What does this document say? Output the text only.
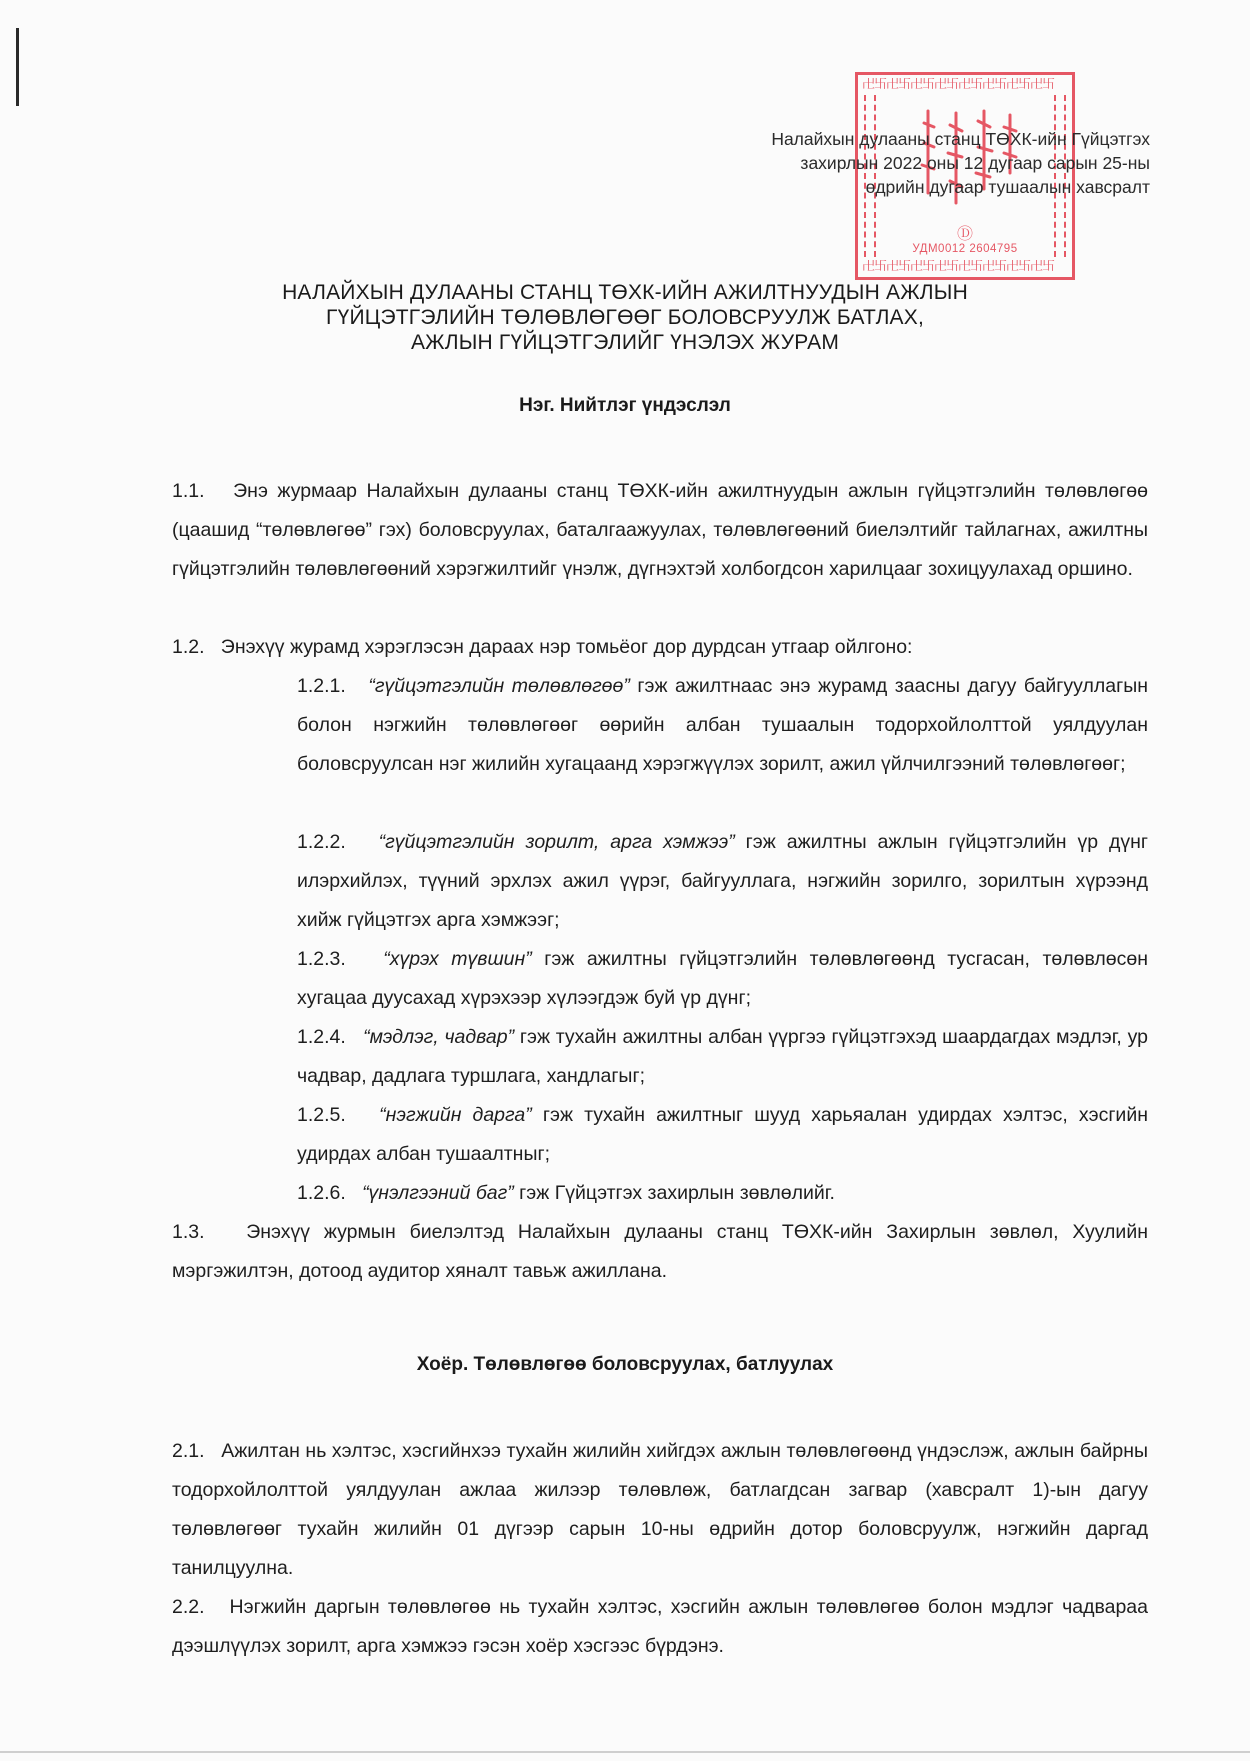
卍卐卍卐卍卐卍卐卍卐卍卐卍卐卍卐
Ⓓ
УДМ0012 2604795
卍卐卍卐卍卐卍卐卍卐卍卐卍卐卍卐
Налайхын дулааны станц ТӨХК-ийн Гүйцэтгэх
захирлын 2022 оны 12 дугаар сарын 25-ны
өдрийн дугаар тушаалын хавсралт
НАЛАЙХЫН ДУЛААНЫ СТАНЦ ТӨХК-ИЙН АЖИЛТНУУДЫН АЖЛЫН
ГҮЙЦЭТГЭЛИЙН ТӨЛӨВЛӨГӨӨГ БОЛОВСРУУЛЖ БАТЛАХ,
АЖЛЫН ГҮЙЦЭТГЭЛИЙГ ҮНЭЛЭХ ЖУРАМ
Нэг. Нийтлэг үндэслэл
1.1. Энэ журмаар Налайхын дулааны станц ТӨХК-ийн ажилтнуудын ажлын гүйцэтгэлийн төлөвлөгөө (цаашид “төлөвлөгөө” гэх) боловсруулах, баталгаажуулах, төлөвлөгөөний биелэлтийг тайлагнах, ажилтны гүйцэтгэлийн төлөвлөгөөний хэрэгжилтийг үнэлж, дүгнэхтэй холбогдсон харилцааг зохицуулахад оршино.
1.2. Энэхүү журамд хэрэглэсэн дараах нэр томьёог дор дурдсан утгаар ойлгоно:
1.2.1. “гүйцэтгэлийн төлөвлөгөө” гэж ажилтнаас энэ журамд заасны дагуу байгууллагын болон нэгжийн төлөвлөгөөг өөрийн албан тушаалын тодорхойлолттой уялдуулан боловсруулсан нэг жилийн хугацаанд хэрэгжүүлэх зорилт, ажил үйлчилгээний төлөвлөгөөг;
1.2.2. “гүйцэтгэлийн зорилт, арга хэмжээ” гэж ажилтны ажлын гүйцэтгэлийн үр дүнг илэрхийлэх, түүний эрхлэх ажил үүрэг, байгууллага, нэгжийн зорилго, зорилтын хүрээнд хийж гүйцэтгэх арга хэмжээг;
1.2.3. “хүрэх түвшин” гэж ажилтны гүйцэтгэлийн төлөвлөгөөнд тусгасан, төлөвлөсөн хугацаа дуусахад хүрэхээр хүлээгдэж буй үр дүнг;
1.2.4. “мэдлэг, чадвар” гэж тухайн ажилтны албан үүргээ гүйцэтгэхэд шаардагдах мэдлэг, ур чадвар, дадлага туршлага, хандлагыг;
1.2.5. “нэгжийн дарга” гэж тухайн ажилтныг шууд харьяалан удирдах хэлтэс, хэсгийн удирдах албан тушаалтныг;
1.2.6. “үнэлгээний баг” гэж Гүйцэтгэх захирлын зөвлөлийг.
1.3. Энэхүү журмын биелэлтэд Налайхын дулааны станц ТӨХК-ийн Захирлын зөвлөл, Хуулийн мэргэжилтэн, дотоод аудитор хяналт тавьж ажиллана.
Хоёр. Төлөвлөгөө боловсруулах, батлуулах
2.1. Ажилтан нь хэлтэс, хэсгийнхээ тухайн жилийн хийгдэх ажлын төлөвлөгөөнд үндэслэж, ажлын байрны тодорхойлолттой уялдуулан ажлаа жилээр төлөвлөж, батлагдсан загвар (хавсралт 1)-ын дагуу төлөвлөгөөг тухайн жилийн 01 дүгээр сарын 10-ны өдрийн дотор боловсруулж, нэгжийн даргад танилцуулна.
2.2. Нэгжийн даргын төлөвлөгөө нь тухайн хэлтэс, хэсгийн ажлын төлөвлөгөө болон мэдлэг чадвараа дээшлүүлэх зорилт, арга хэмжээ гэсэн хоёр хэсгээс бүрдэнэ.
